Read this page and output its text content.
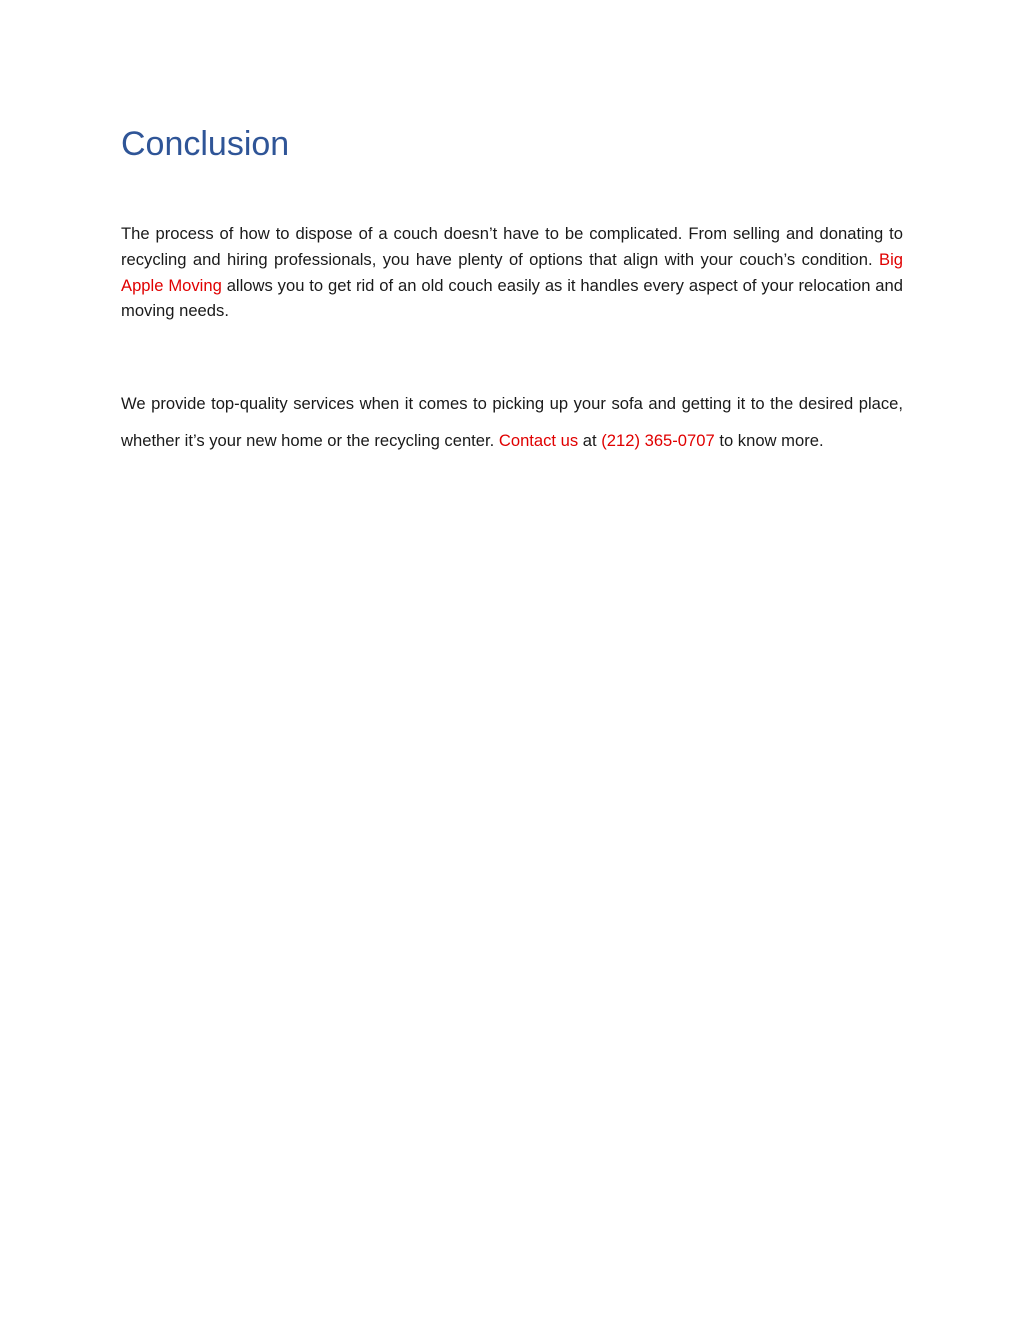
Conclusion

The process of how to dispose of a couch doesn’t have to be complicated. From selling and donating to recycling and hiring professionals, you have plenty of options that align with your couch’s condition. Big Apple Moving allows you to get rid of an old couch easily as it handles every aspect of your relocation and moving needs.

We provide top-quality services when it comes to picking up your sofa and getting it to the desired place, whether it’s your new home or the recycling center. Contact us at (212) 365-0707 to know more.
